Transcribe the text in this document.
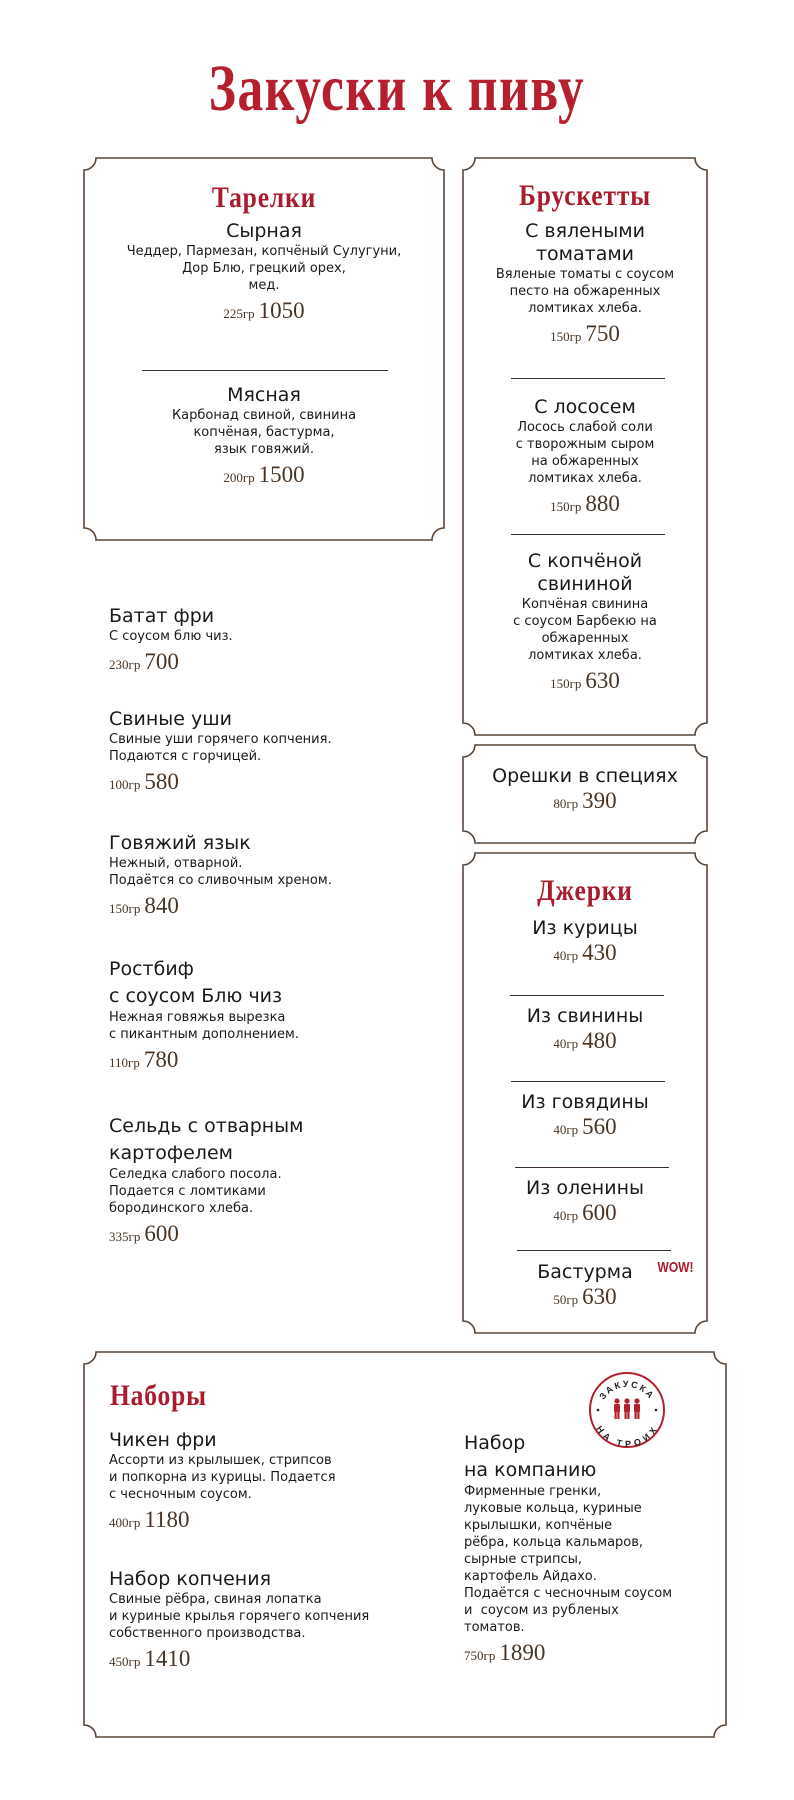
Закуски к пиву
Тарелки
Сырная
Чеддер, Пармезан, копчёный Сулугуни,
Дор Блю, грецкий орех,
мед.
225гр 1050
Мясная
Карбонад свиной, свинина
копчёная, бастурма,
язык говяжий.
200гр 1500
Брускетты
С вялеными
томатами
Вяленые томаты с соусом
песто на обжаренных
ломтиках хлеба.
150гр 750
С лососем
Лосось слабой соли
с творожным сыром
на обжаренных
ломтиках хлеба.
150гр 880
С копчёной
свининой
Копчёная свинина
с соусом Барбекю на
обжаренных
ломтиках хлеба.
150гр 630
Орешки в специях
80гр 390
Джерки
Из курицы
40гр 430
Из свинины
40гр 480
Из говядины
40гр 560
Из оленины
40гр 600
Бастурма
50гр 630
WOW!
Батат фри
С соусом блю чиз.
230гр 700
Свиные уши
Свиные уши горячего копчения.
Подаются с горчицей.
100гр 580
Говяжий язык
Нежный, отварной.
Подаётся со сливочным хреном.
150гр 840
Ростбиф
с соусом Блю чиз
Нежная говяжья вырезка
с пикантным дополнением.
110гр 780
Сельдь с отварным
картофелем
Селедка слабого посола.
Подается с ломтиками
бородинского хлеба.
335гр 600
Наборы	ЗАКУСКА
НА ТРОИХ
Чикен фри
Ассорти из крылышек, стрипсов
и попкорна из курицы. Подается
с чесночным соусом.
400гр 1180
Набор копчения
Свиные рёбра, свиная лопатка
и куриные крылья горячего копчения
собственного производства.
450гр 1410
Набор
на компанию
Фирменные гренки,
луковые кольца, куриные
крылышки, копчёные
рёбра, кольца кальмаров,
сырные стрипсы,
картофель Айдахо.
Подаётся с чесночным соусом
и  соусом из рубленых
томатов.
750гр 1890
